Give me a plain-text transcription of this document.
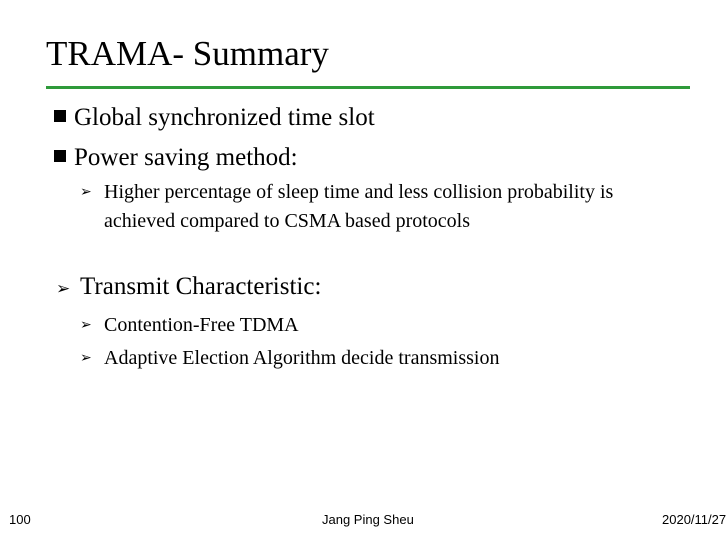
TRAMA- Summary
Global synchronized time slot
Power saving method:
➢ Higher percentage of sleep time and less collision probability is achieved compared to CSMA based protocols
➢ Transmit Characteristic:
➢ Contention-Free TDMA
➢ Adaptive Election Algorithm decide transmission
100	Jang Ping Sheu	2020/11/27
